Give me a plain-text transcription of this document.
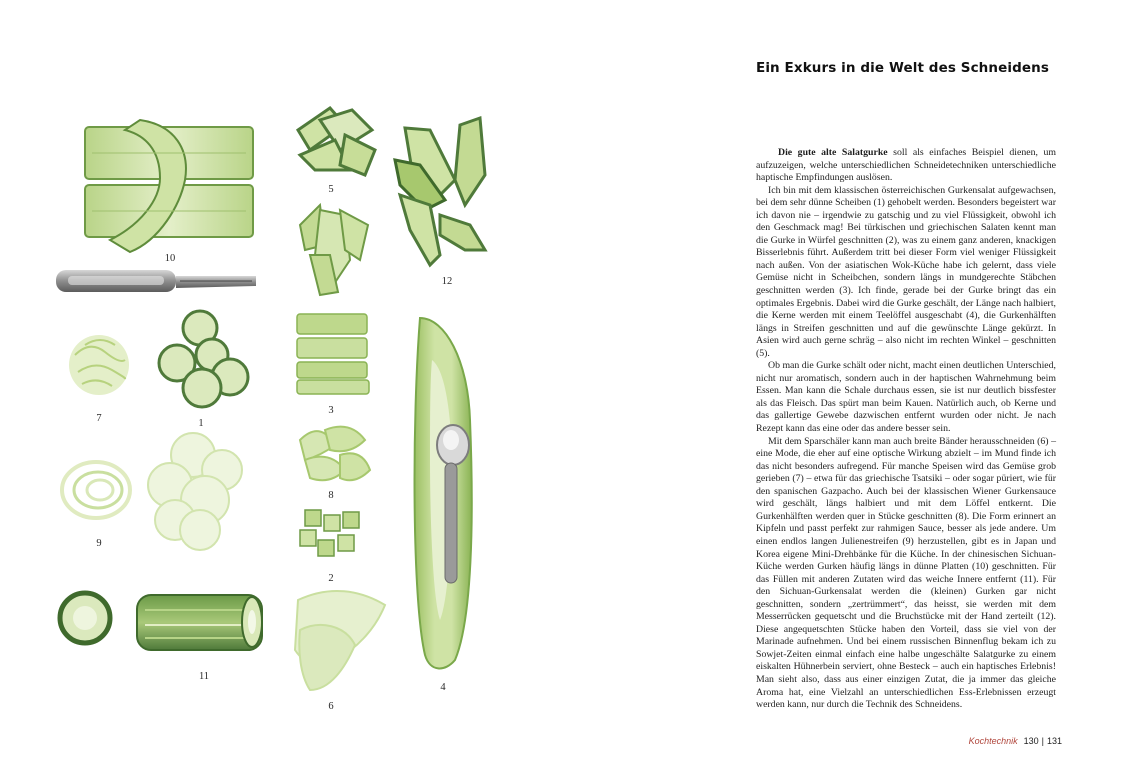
10
5
12
7	1
3
9
8
2
11
6
4
Ein Exkurs in die Welt des Schneidens

Die gute alte Salatgurke soll als einfaches Beispiel dienen, um aufzuzeigen, welche unterschiedlichen Schneidetechniken unterschiedliche haptische Empfindungen auslösen.

Ich bin mit dem klassischen österreichischen Gurkensalat aufgewachsen, bei dem sehr dünne Scheiben (1) gehobelt werden. Besonders begeistert war ich davon nie – irgendwie zu gatschig und zu viel Flüssigkeit, obwohl ich den Geschmack mag! Bei türkischen und griechischen Salaten kennt man die Gurke in Würfel geschnitten (2), was zu einem ganz anderen, knackigen Bisserlebnis führt. Außerdem tritt bei dieser Form viel weniger Flüssigkeit nach außen. Von der asiatischen Wok-Küche habe ich gelernt, dass viele Gemüse nicht in Scheibchen, sondern längs in mundgerechte Stäbchen geschnitten werden (3). Ich finde, gerade bei der Gurke bringt das ein optimales Ergebnis. Dabei wird die Gurke geschält, der Länge nach halbiert, die Kerne werden mit einem Teelöffel ausgeschabt (4), die Gurkenhälften längs in Streifen geschnitten und auf die gewünschte Länge gekürzt. In Asien wird auch gerne schräg – also nicht im rechten Winkel – geschnitten (5).

Ob man die Gurke schält oder nicht, macht einen deutlichen Unterschied, nicht nur aromatisch, sondern auch in der haptischen Wahrnehmung beim Essen. Man kann die Schale durchaus essen, sie ist nur deutlich bissfester als das Fleisch. Das spürt man beim Kauen. Natürlich auch, ob Kerne und das gallertige Gewebe dazwischen entfernt wurden oder nicht. Je nach Rezept kann das eine oder das andere besser sein.

Mit dem Sparschäler kann man auch breite Bänder herausschneiden (6) – eine Mode, die eher auf eine optische Wirkung abzielt – im Mund finde ich das nicht besonders aufregend. Für manche Speisen wird das Gemüse grob gerieben (7) – etwa für das griechische Tsatsiki – oder sogar püriert, wie für den spanischen Gazpacho. Auch bei der klassischen Wiener Gurkensauce wird geschält, längs halbiert und mit dem Löffel entkernt. Die Gurkenhälften werden quer in Stücke geschnitten (8). Die Form erinnert an Kipfeln und passt perfekt zur rahmigen Sauce, besser als jede andere. Um einen endlos langen Julienestreifen (9) herzustellen, gibt es in Japan und Korea eigene Mini-Drehbänke für die Küche. In der chinesischen Sichuan-Küche werden Gurken häufig längs in dünne Platten (10) geschnitten. Für das Füllen mit anderen Zutaten wird das weiche Innere entfernt (11). Für den Sichuan-Gurkensalat werden die (kleinen) Gurken gar nicht geschnitten, sondern „zertrümmert“, das heisst, sie werden mit dem Messerrücken gequetscht und die Bruchstücke mit der Hand zerteilt (12). Diese angequetschten Stücke haben den Vorteil, dass sie viel von der Marinade aufnehmen. Und bei einem russischen Binnenflug bekam ich zu Sowjet-Zeiten einmal einfach eine halbe ungeschälte Salatgurke zu einem eiskalten Hühnerbein serviert, ohne Besteck – auch ein haptisches Erlebnis! Man sieht also, dass aus einer einzigen Zutat, die ja immer das gleiche Aroma hat, eine Vielzahl an unterschiedlichen Ess-Erlebnissen erzeugt werden kann, nur durch die Technik des Schneidens.

Kochtechnik 130 | 131
